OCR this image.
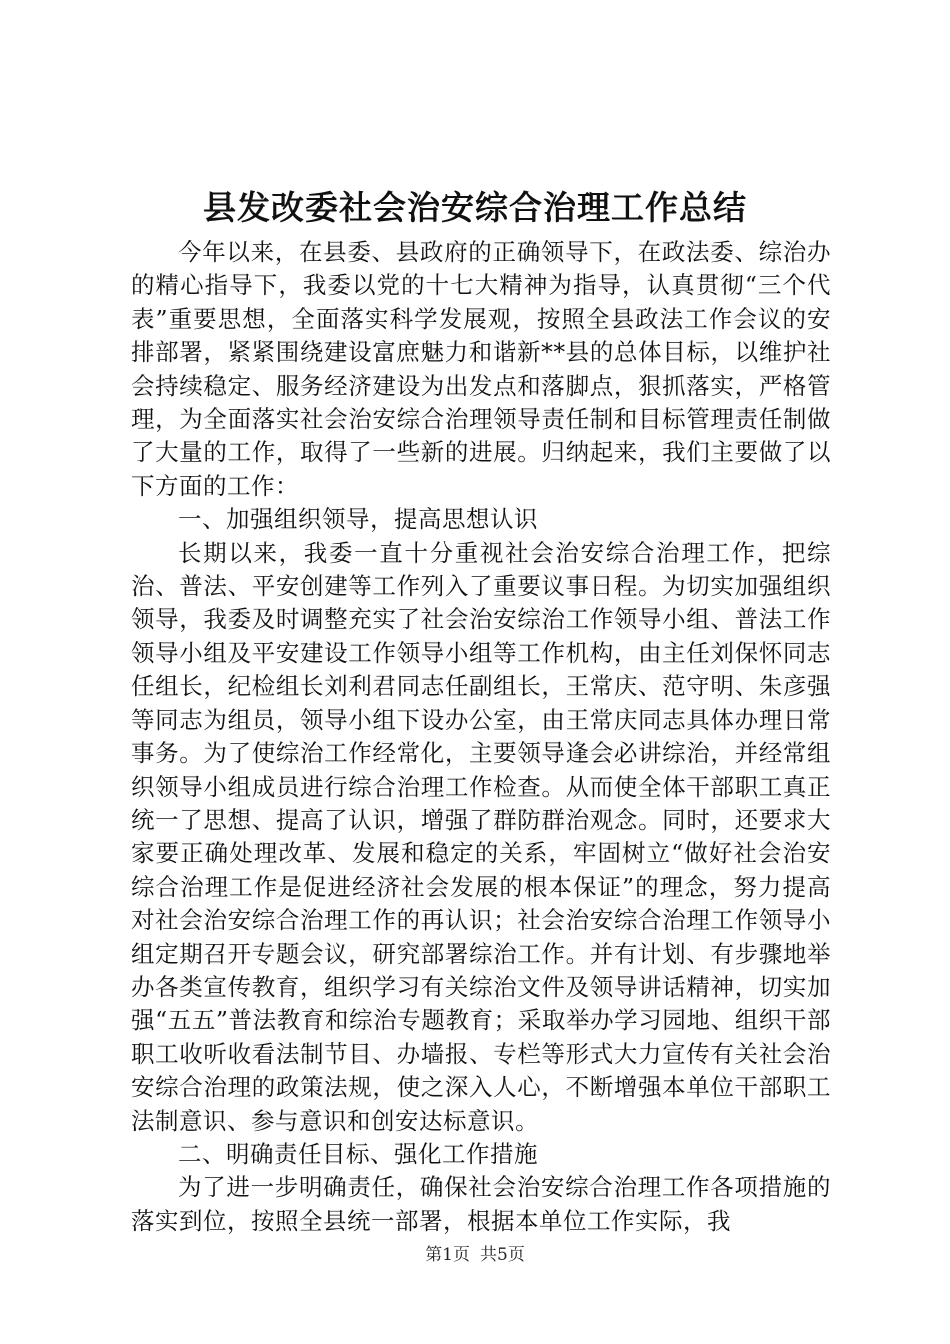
县发改委社会治安综合治理工作总结

今年以来，在县委、县政府的正确领导下，在政法委、综治办的精心指导下，我委以党的十七大精神为指导，认真贯彻“三个代表”重要思想，全面落实科学发展观，按照全县政法工作会议的安排部署，紧紧围绕建设富庶魅力和谐新**县的总体目标，以维护社会持续稳定、服务经济建设为出发点和落脚点，狠抓落实，严格管理，为全面落实社会治安综合治理领导责任制和目标管理责任制做了大量的工作，取得了一些新的进展。归纳起来，我们主要做了以下方面的工作：

一、加强组织领导，提高思想认识

长期以来，我委一直十分重视社会治安综合治理工作，把综治、普法、平安创建等工作列入了重要议事日程。为切实加强组织领导，我委及时调整充实了社会治安综治工作领导小组、普法工作领导小组及平安建设工作领导小组等工作机构，由主任刘保怀同志任组长，纪检组长刘利君同志任副组长，王常庆、范守明、朱彦强等同志为组员，领导小组下设办公室，由王常庆同志具体办理日常事务。为了使综治工作经常化，主要领导逢会必讲综治，并经常组织领导小组成员进行综合治理工作检查。从而使全体干部职工真正统一了思想、提高了认识，增强了群防群治观念。同时，还要求大家要正确处理改革、发展和稳定的关系，牢固树立“做好社会治安综合治理工作是促进经济社会发展的根本保证”的理念，努力提高对社会治安综合治理工作的再认识；社会治安综合治理工作领导小组定期召开专题会议，研究部署综治工作。并有计划、有步骤地举办各类宣传教育，组织学习有关综治文件及领导讲话精神，切实加强“五五”普法教育和综治专题教育；采取举办学习园地、组织干部职工收听收看法制节目、办墙报、专栏等形式大力宣传有关社会治安综合治理的政策法规，使之深入人心，不断增强本单位干部职工法制意识、参与意识和创安达标意识。

二、明确责任目标、强化工作措施

为了进一步明确责任，确保社会治安综合治理工作各项措施的落实到位，按照全县统一部署，根据本单位工作实际，我

第1页 共5页
